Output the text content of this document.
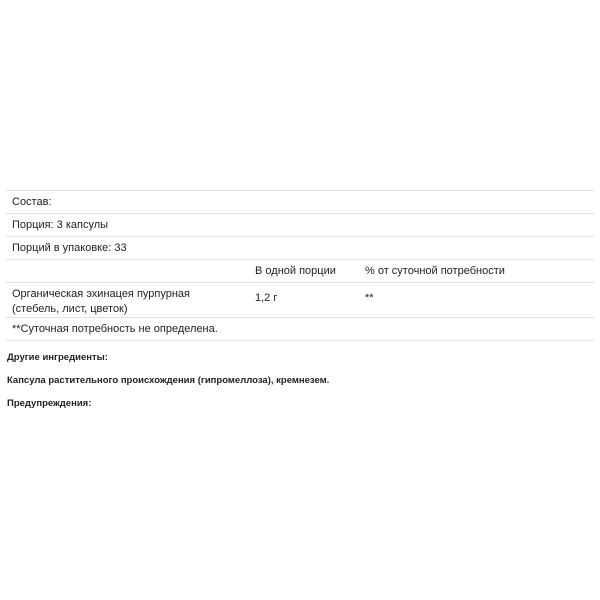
Состав:		
Порция: 3 капсулы		
Порций в упаковке: 33		
	В одной порции	% от суточной потребности
Органическая эхинацея пурпурная
(стебель, лист, цветок)	1,2 г	**
**Суточная потребность не определена.		
Другие ингредиенты:
Капсула растительного происхождения (гипромеллоза), кремнезем.
Предупреждения:
